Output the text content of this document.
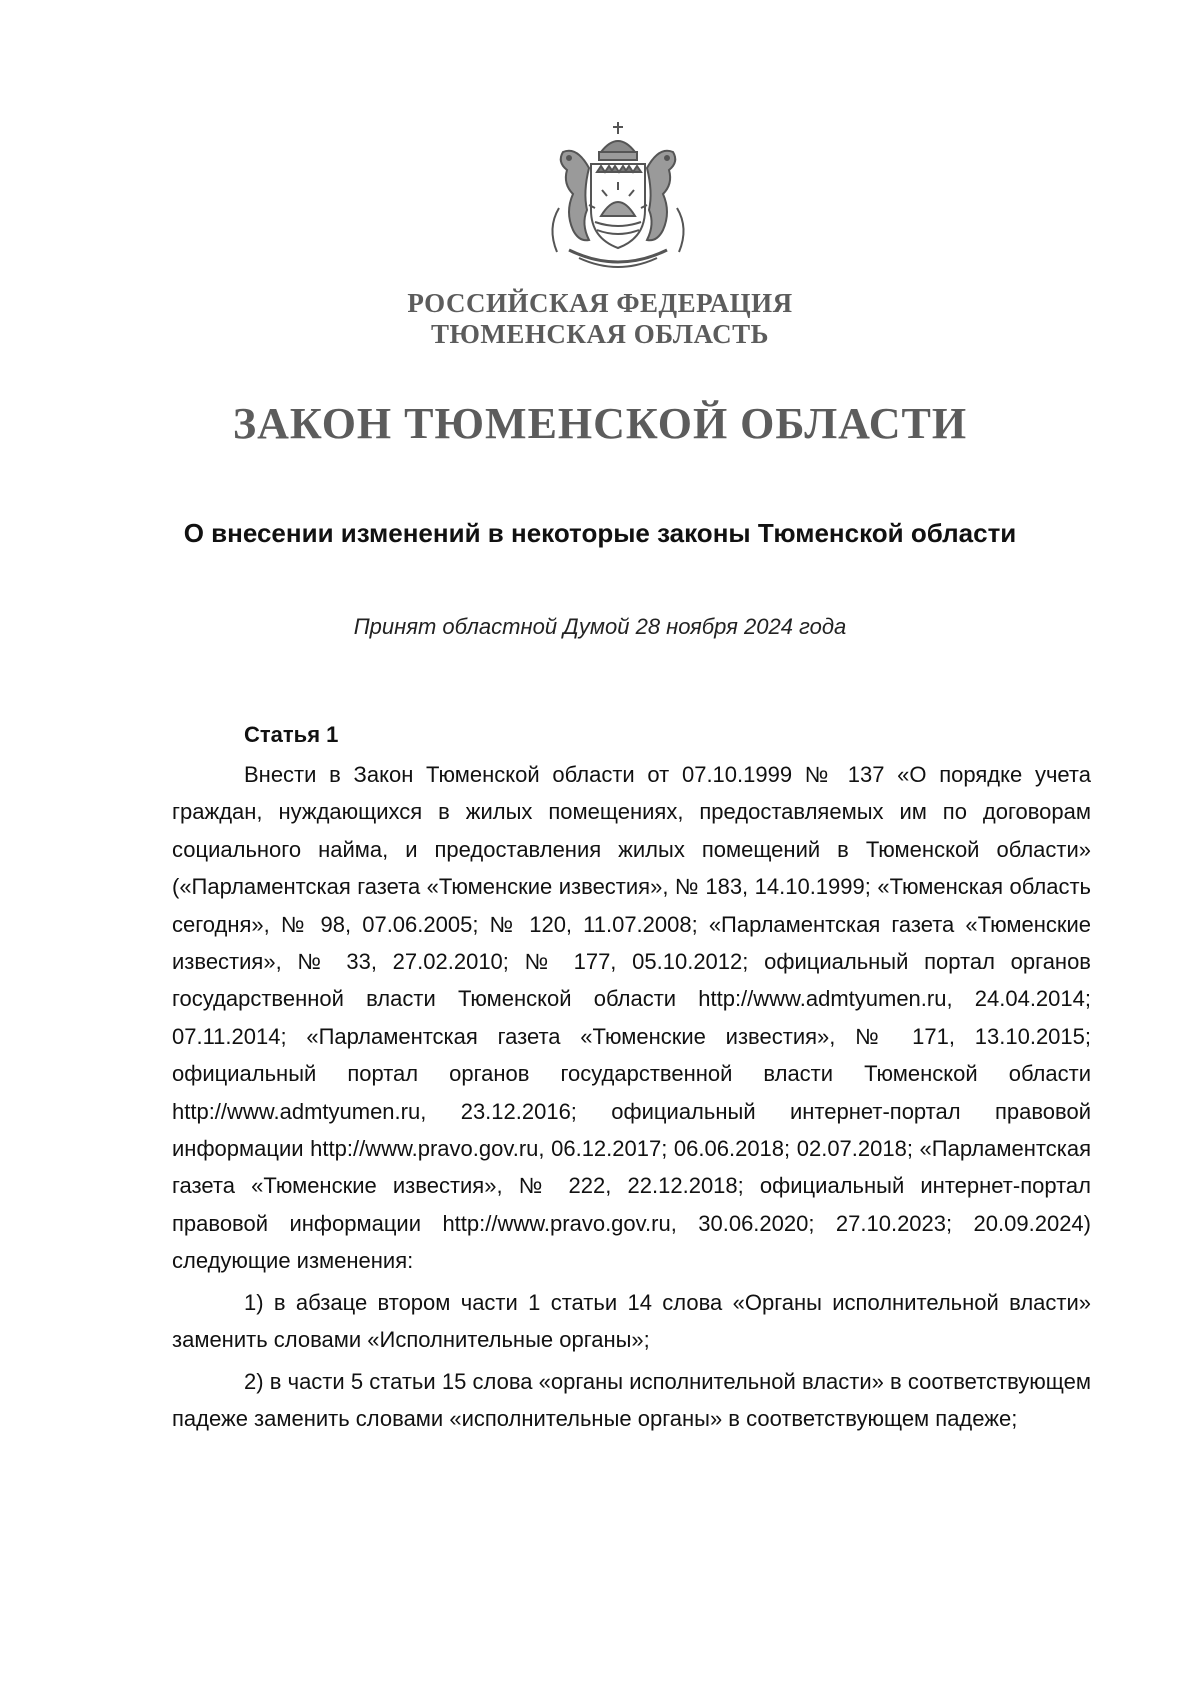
РОССИЙСКАЯ ФЕДЕРАЦИЯ

ТЮМЕНСКАЯ ОБЛАСТЬ

ЗАКОН ТЮМЕНСКОЙ ОБЛАСТИ

О внесении изменений в некоторые законы Тюменской области

Принят областной Думой 28 ноября 2024 года

Статья 1

Внести в Закон Тюменской области от 07.10.1999 № 137 «О порядке учета граждан, нуждающихся в жилых помещениях, предоставляемых им по договорам социального найма, и предоставления жилых помещений в Тюменской области» («Парламентская газета «Тюменские известия», № 183, 14.10.1999; «Тюменская область сегодня», № 98, 07.06.2005; № 120, 11.07.2008; «Парламентская газета «Тюменские известия», № 33, 27.02.2010; № 177, 05.10.2012; официальный портал органов государственной власти Тюменской области http://www.admtyumen.ru, 24.04.2014; 07.11.2014; «Парламентская газета «Тюменские известия», № 171, 13.10.2015; официальный портал органов государственной власти Тюменской области http://www.admtyumen.ru, 23.12.2016; официальный интернет-портал правовой информации http://www.pravo.gov.ru, 06.12.2017; 06.06.2018; 02.07.2018; «Парламентская газета «Тюменские известия», № 222, 22.12.2018; официальный интернет-портал правовой информации http://www.pravo.gov.ru, 30.06.2020; 27.10.2023; 20.09.2024) следующие изменения:

1) в абзаце втором части 1 статьи 14 слова «Органы исполнительной власти» заменить словами «Исполнительные органы»;

2) в части 5 статьи 15 слова «органы исполнительной власти» в соответствующем падеже заменить словами «исполнительные органы» в соответствующем падеже;
